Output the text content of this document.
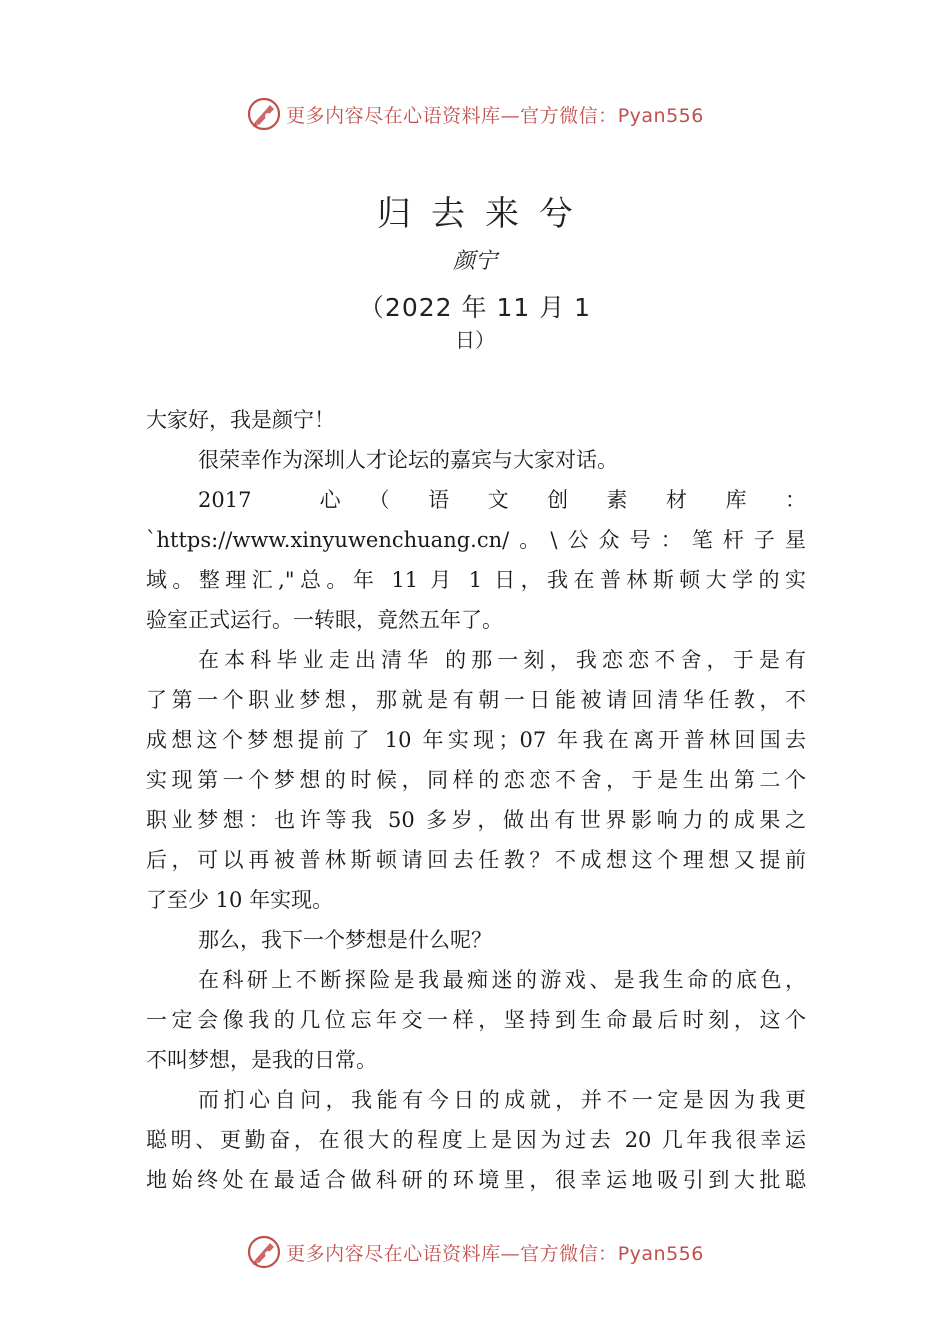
更多内容尽在心语资料库—官方微信：Pyan556
归去来兮
颜宁
（2022 年 11 月 1
日）
大家好，我是颜宁！
很荣幸作为深圳人才论坛的嘉宾与大家对话。
2017　　心　（　语　文　创　素　材　库　：
`https://www.xinyuwenchuang.cn/。\公众号：笔杆子星
域。整理汇,"总。年 11 月 1 日，我在普林斯顿大学的实
验室正式运行。一转眼，竟然五年了。
在本科毕业走出清华 的那一刻，我恋恋不舍，于是有
了第一个职业梦想，那就是有朝一日能被请回清华任教，不
成想这个梦想提前了 10 年实现；07 年我在离开普林回国去
实现第一个梦想的时候，同样的恋恋不舍，于是生出第二个
职业梦想：也许等我 50 多岁，做出有世界影响力的成果之
后，可以再被普林斯顿请回去任教？不成想这个理想又提前
了至少 10 年实现。
那么，我下一个梦想是什么呢？
在科研上不断探险是我最痴迷的游戏、是我生命的底色，
一定会像我的几位忘年交一样，坚持到生命最后时刻，这个
不叫梦想，是我的日常。
而扪心自问，我能有今日的成就，并不一定是因为我更
聪明、更勤奋，在很大的程度上是因为过去 20 几年我很幸运
地始终处在最适合做科研的环境里，很幸运地吸引到大批聪
更多内容尽在心语资料库—官方微信：Pyan556
